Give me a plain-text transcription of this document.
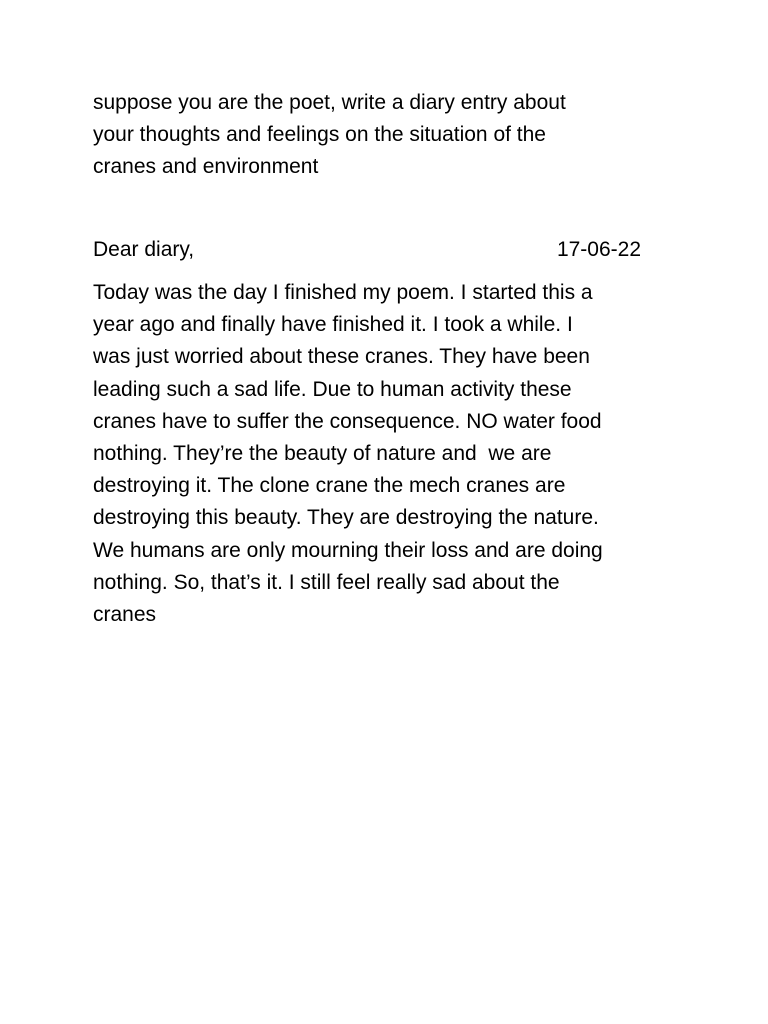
suppose you are the poet, write a diary entry about
your thoughts and feelings on the situation of the
cranes and environment
Dear diary,	17-06-22
Today was the day I finished my poem. I started this a
year ago and finally have finished it. I took a while. I
was just worried about these cranes. They have been
leading such a sad life. Due to human activity these
cranes have to suffer the consequence. NO water food
nothing. They’re the beauty of nature and  we are
destroying it. The clone crane the mech cranes are
destroying this beauty. They are destroying the nature.
We humans are only mourning their loss and are doing
nothing. So, that’s it. I still feel really sad about the
cranes
